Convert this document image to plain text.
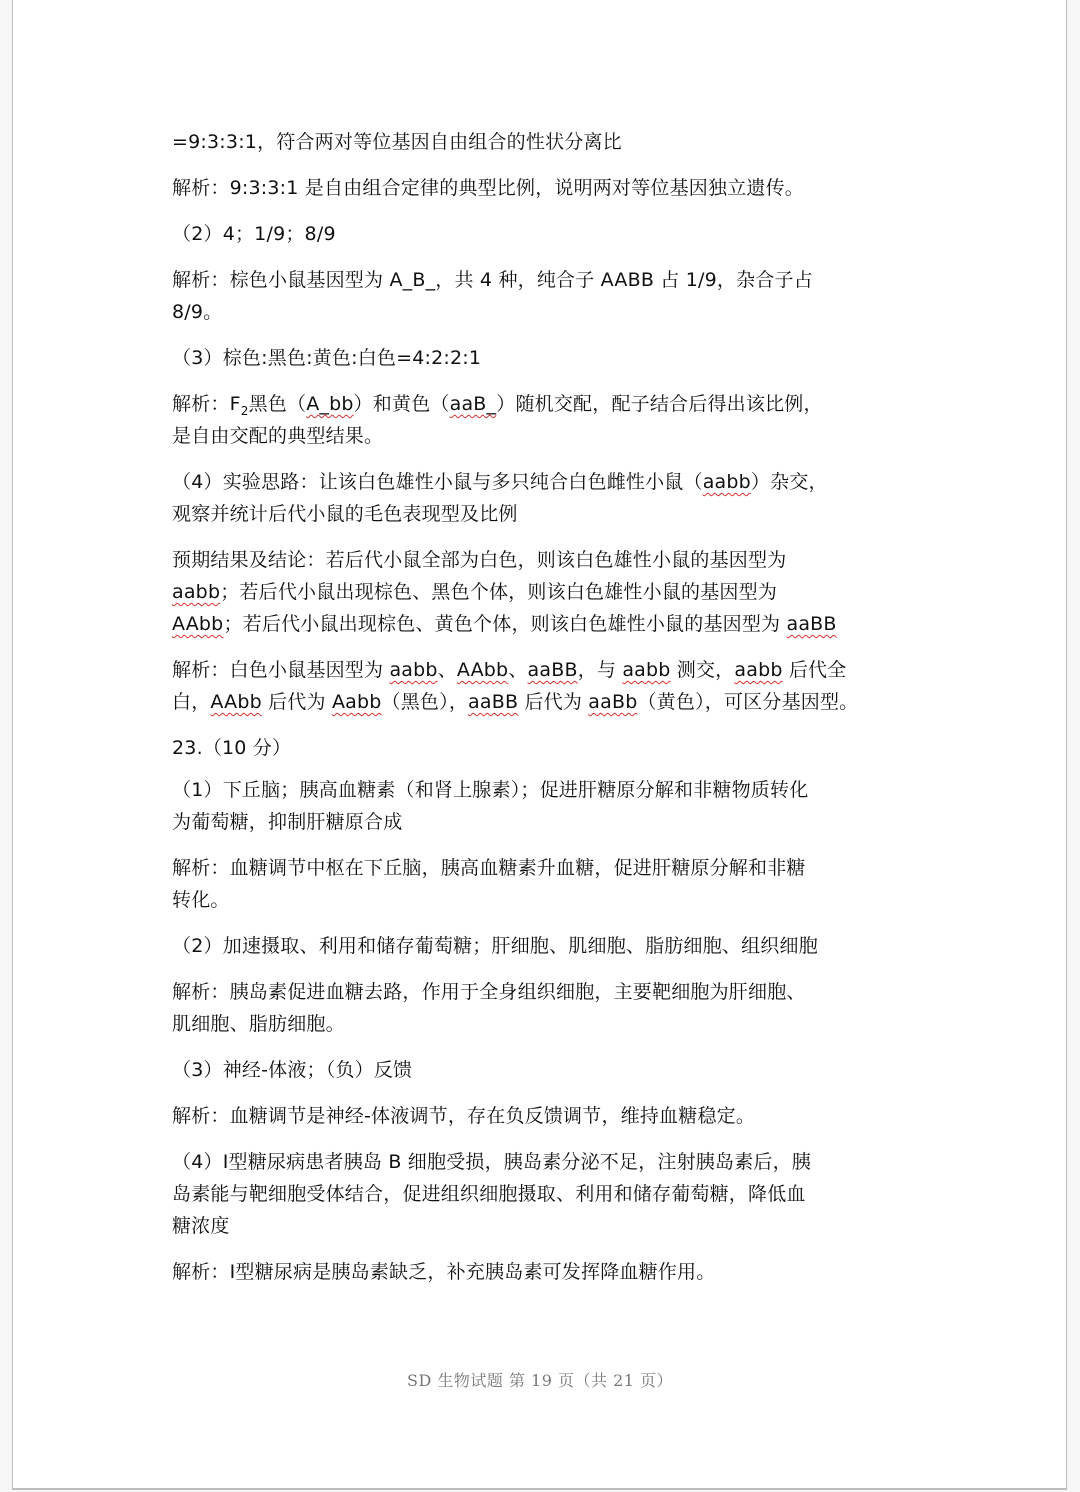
=9:3:3:1，符合两对等位基因自由组合的性状分离比
解析：9:3:3:1 是自由组合定律的典型比例，说明两对等位基因独立遗传。
（2）4；1/9；8/9
解析：棕色小鼠基因型为 A_B_，共 4 种，纯合子 AABB 占 1/9，杂合子占
8/9。
（3）棕色:黑色:黄色:白色=4:2:2:1
解析：$F_2$黑色（A_bb）和黄色（aaB_）随机交配，配子结合后得出该比例，
是自由交配的典型结果。
（4）实验思路：让该白色雄性小鼠与多只纯合白色雌性小鼠（aabb）杂交，
观察并统计后代小鼠的毛色表现型及比例
预期结果及结论：若后代小鼠全部为白色，则该白色雄性小鼠的基因型为
aabb；若后代小鼠出现棕色、黑色个体，则该白色雄性小鼠的基因型为
AAbb；若后代小鼠出现棕色、黄色个体，则该白色雄性小鼠的基因型为 aaBB
解析：白色小鼠基因型为 aabb、AAbb、aaBB，与 aabb 测交，aabb 后代全
白，AAbb 后代为 Aabb（黑色），aaBB 后代为 aaBb（黄色），可区分基因型。
23.（10 分）
（1）下丘脑；胰高血糖素（和肾上腺素）；促进肝糖原分解和非糖物质转化
为葡萄糖，抑制肝糖原合成
解析：血糖调节中枢在下丘脑，胰高血糖素升血糖，促进肝糖原分解和非糖
转化。
（2）加速摄取、利用和储存葡萄糖；肝细胞、肌细胞、脂肪细胞、组织细胞
解析：胰岛素促进血糖去路，作用于全身组织细胞，主要靶细胞为肝细胞、
肌细胞、脂肪细胞。
（3）神经-体液；（负）反馈
解析：血糖调节是神经-体液调节，存在负反馈调节，维持血糖稳定。
（4）Ⅰ型糖尿病患者胰岛 B 细胞受损，胰岛素分泌不足，注射胰岛素后，胰
岛素能与靶细胞受体结合，促进组织细胞摄取、利用和储存葡萄糖，降低血
糖浓度
解析：Ⅰ型糖尿病是胰岛素缺乏，补充胰岛素可发挥降血糖作用。
SD 生物试题 第 19 页（共 21 页）
